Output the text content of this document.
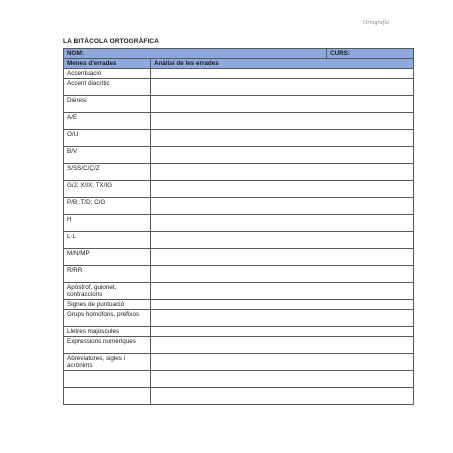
Ortografia
LA BITÀCOLA ORTOGRÀFICA
NOM:		CURS:
Menes d'errades	Anàlisi de les errades	
Accentuació		
Accent diacrític		
Dièresi		
A/E		
O/U		
B/V		
S/SS/C/Ç/Z		
G/J; X/IX; TX/IG		
P/B; T/D; C/G		
H		
L·L		
M/N/MP		
R/RR		
Apòstrof, guionet, contraccions		
Signes de puntuació		
Grups homòfons, prefixos		
Lletres majúscules		
Expressions numèriques		
Abreviatures, sigles i acrònims		
